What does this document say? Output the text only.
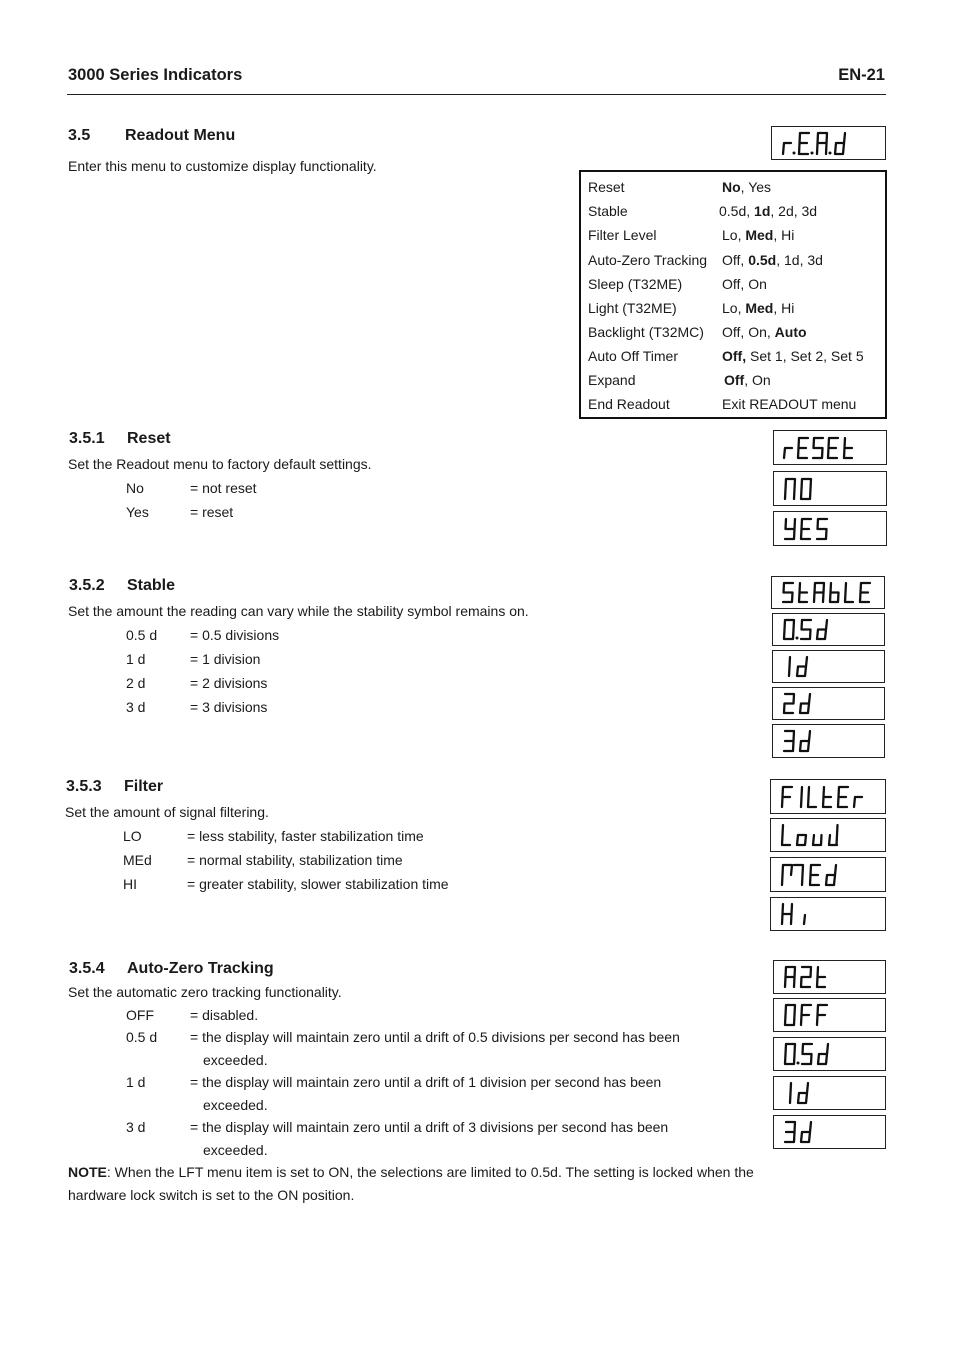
3000 Series Indicators	EN-21
3.5 Readout Menu
Enter this menu to customize display functionality.
Reset	No, Yes
Stable	0.5d, 1d, 2d, 3d
Filter Level	Lo, Med, Hi
Auto-Zero Tracking Off, 0.5d, 1d, 3d
Sleep (T32ME)	Off, On
Light (T32ME)	Lo, Med, Hi
Backlight (T32MC) Off, On, Auto
Auto Off Timer	Off, Set 1, Set 2, Set 5
Expand	Off, On
End Readout	Exit READOUT menu
3.5.1 Reset
Set the Readout menu to factory default settings.
No	= not reset
Yes	= reset
3.5.2 Stable
Set the amount the reading can vary while the stability symbol remains on.
0.5 d = 0.5 divisions
1 d	= 1 division
2 d	= 2 divisions
3 d	= 3 divisions
3.5.3 Filter
Set the amount of signal filtering.
LO	= less stability, faster stabilization time
MEd	= normal stability, stabilization time
HI	= greater stability, slower stabilization time
3.5.4 Auto-Zero Tracking
Set the automatic zero tracking functionality.
OFF	= disabled.
0.5 d = the display will maintain zero until a drift of 0.5 divisions per second has been
exceeded.
1 d	= the display will maintain zero until a drift of 1 division per second has been
exceeded.
3 d	= the display will maintain zero until a drift of 3 divisions per second has been
exceeded.
NOTE: When the LFT menu item is set to ON, the selections are limited to 0.5d. The setting is locked when the hardware lock switch is set to the ON position.
